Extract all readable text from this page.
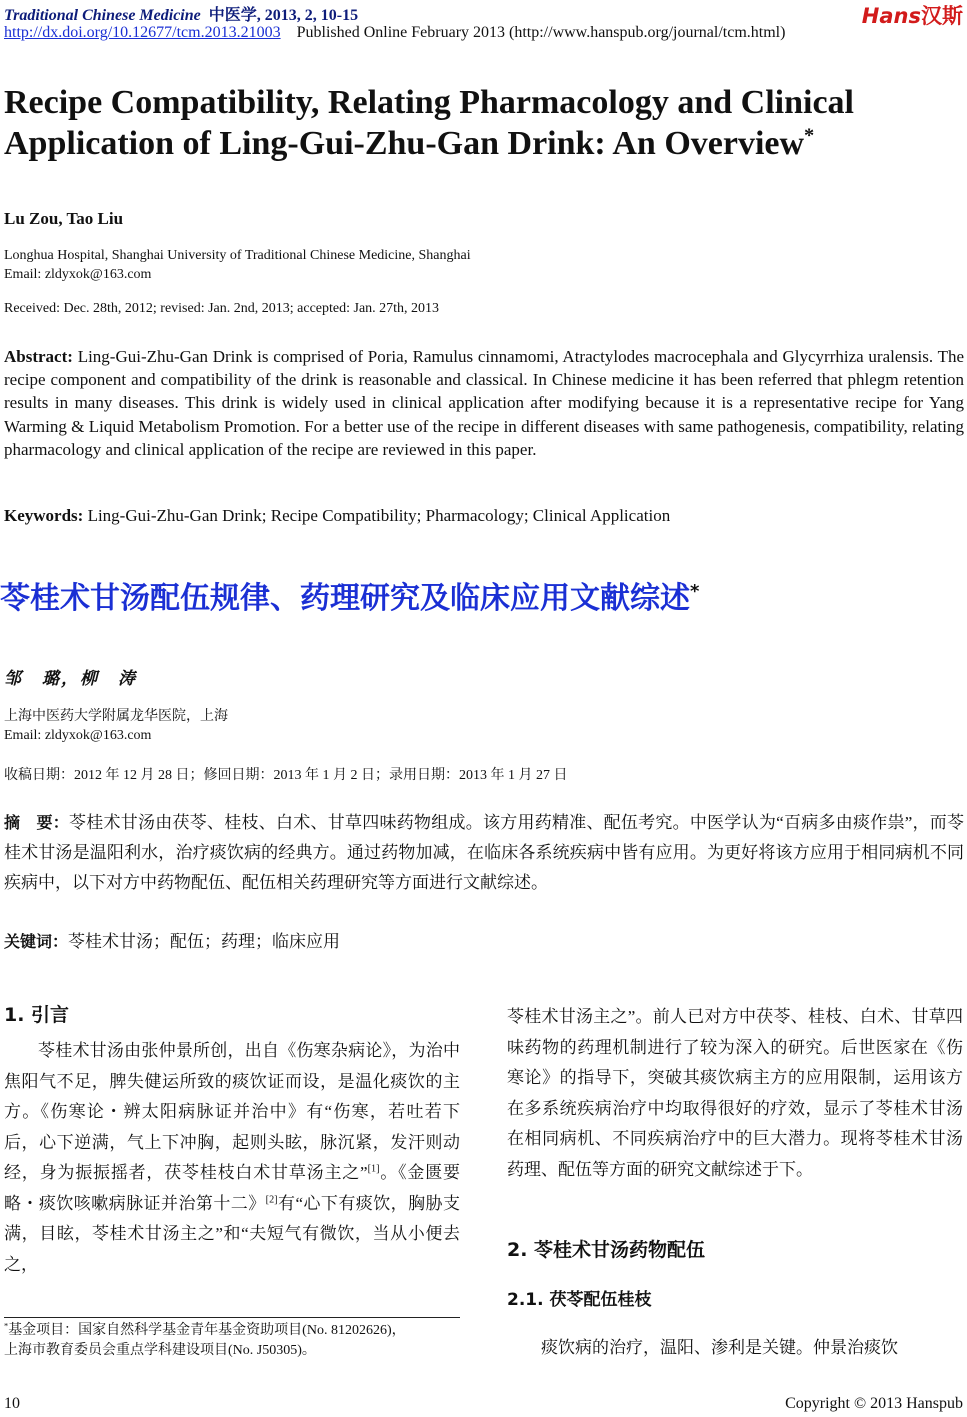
Traditional Chinese Medicine 中医学, 2013, 2, 10-15
http://dx.doi.org/10.12677/tcm.2013.21003 Published Online February 2013 (http://www.hanspub.org/journal/tcm.html)
Hans汉斯
Recipe Compatibility, Relating Pharmacology and Clinical Application of Ling-Gui-Zhu-Gan Drink: An Overview*
Lu Zou, Tao Liu
Longhua Hospital, Shanghai University of Traditional Chinese Medicine, Shanghai
Email: zldyxok@163.com
Received: Dec. 28th, 2012; revised: Jan. 2nd, 2013; accepted: Jan. 27th, 2013
Abstract: Ling-Gui-Zhu-Gan Drink is comprised of Poria, Ramulus cinnamomi, Atractylodes macrocephala and Glycyrrhiza uralensis. The recipe component and compatibility of the drink is reasonable and classical. In Chinese medicine it has been referred that phlegm retention results in many diseases. This drink is widely used in clinical application after modifying because it is a representative recipe for Yang Warming & Liquid Metabolism Promotion. For a better use of the recipe in different diseases with same pathogenesis, compatibility, relating pharmacology and clinical application of the recipe are reviewed in this paper.
Keywords: Ling-Gui-Zhu-Gan Drink; Recipe Compatibility; Pharmacology; Clinical Application
苓桂术甘汤配伍规律、药理研究及临床应用文献综述*
邹　璐，柳　涛
上海中医药大学附属龙华医院，上海
Email: zldyxok@163.com
收稿日期：2012 年 12 月 28 日；修回日期：2013 年 1 月 2 日；录用日期：2013 年 1 月 27 日
摘　要：苓桂术甘汤由茯苓、桂枝、白术、甘草四味药物组成。该方用药精准、配伍考究。中医学认为“百病多由痰作祟”，而苓桂术甘汤是温阳利水，治疗痰饮病的经典方。通过药物加减，在临床各系统疾病中皆有应用。为更好将该方应用于相同病机不同疾病中，以下对方中药物配伍、配伍相关药理研究等方面进行文献综述。
关键词：苓桂术甘汤；配伍；药理；临床应用
1. 引言
苓桂术甘汤由张仲景所创，出自《伤寒杂病论》，为治中焦阳气不足，脾失健运所致的痰饮证而设，是温化痰饮的主方。《伤寒论・辨太阳病脉证并治中》有“伤寒，若吐若下后，心下逆满，气上下冲胸，起则头眩，脉沉紧，发汗则动经，身为振振摇者，茯苓桂枝白术甘草汤主之”[1]。《金匮要略・痰饮咳嗽病脉证并治第十二》[2]有“心下有痰饮，胸胁支满，目眩，苓桂术甘汤主之”和“夫短气有微饮，当从小便去之，
*基金项目：国家自然科学基金青年基金资助项目(No. 81202626)，
上海市教育委员会重点学科建设项目(No. J50305)。
苓桂术甘汤主之”。前人已对方中茯苓、桂枝、白术、甘草四味药物的药理机制进行了较为深入的研究。后世医家在《伤寒论》的指导下，突破其痰饮病主方的应用限制，运用该方在多系统疾病治疗中均取得很好的疗效，显示了苓桂术甘汤在相同病机、不同疾病治疗中的巨大潜力。现将苓桂术甘汤药理、配伍等方面的研究文献综述于下。
2. 苓桂术甘汤药物配伍
2.1. 茯苓配伍桂枝
痰饮病的治疗，温阳、渗利是关键。仲景治痰饮
10	Copyright © 2013 Hanspub
